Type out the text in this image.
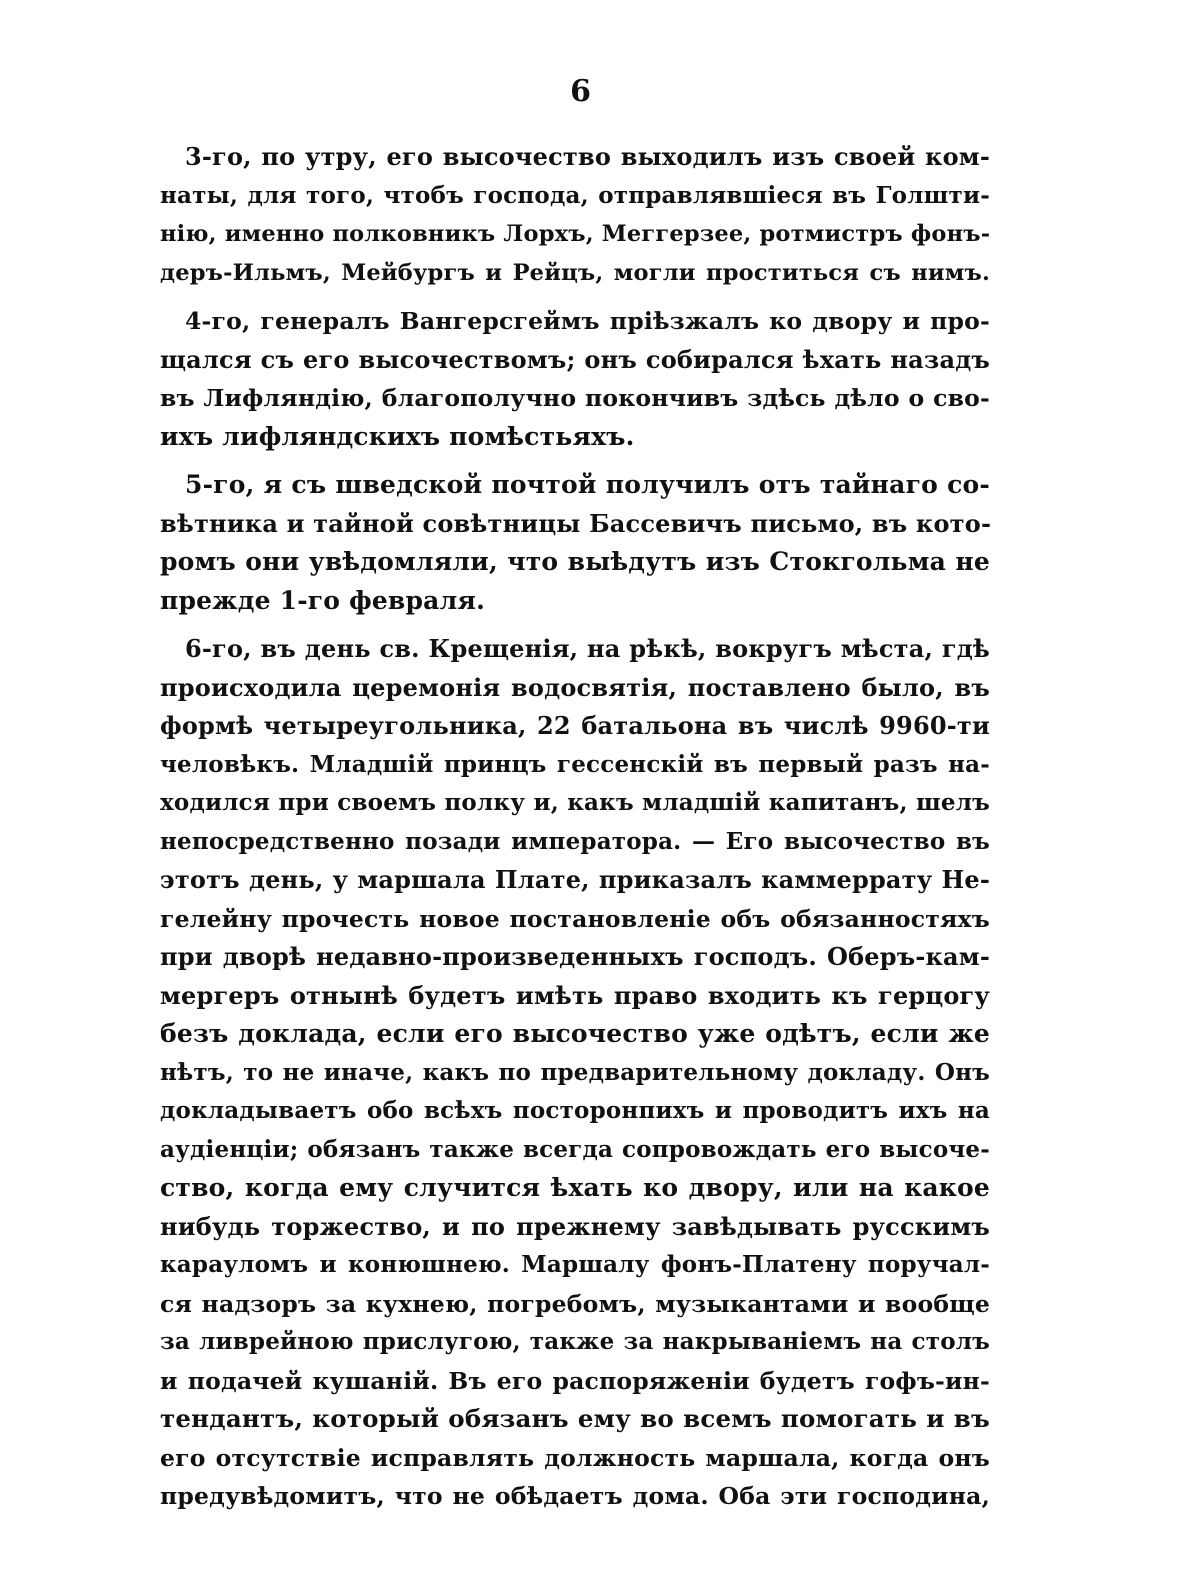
6
3-го, по утру, его высочество выходилъ изъ своей ком-
наты, для того, чтобъ господа, отправлявшіеся въ Голшти-
нію, именно полковникъ Лорхъ, Меггерзее, ротмистръ фонъ-
деръ-Ильмъ, Мейбургъ и Рейцъ, могли проститься съ нимъ.
4-го, генералъ Вангерсгеймъ пріѣзжалъ ко двору и про-
щался съ его высочествомъ; онъ собирался ѣхать назадъ
въ Лифляндію, благополучно покончивъ здѣсь дѣло о сво-
ихъ лифляндскихъ помѣстьяхъ.
5-го, я съ шведской почтой получилъ отъ тайнаго со-
вѣтника и тайной совѣтницы Бассевичъ письмо, въ кото-
ромъ они увѣдомляли, что выѣдутъ изъ Стокгольма не
прежде 1-го февраля.
6-го, въ день св. Крещенія, на рѣкѣ, вокругъ мѣста, гдѣ
происходила церемонія водосвятія, поставлено было, въ
формѣ четыреугольника, 22 батальона въ числѣ 9960-ти
человѣкъ. Младшій принцъ гессенскій въ первый разъ на-
ходился при своемъ полку и, какъ младшій капитанъ, шелъ
непосредственно позади императора. — Его высочество въ
этотъ день, у маршала Плате, приказалъ каммеррату Не-
гелейну прочесть новое постановленіе объ обязанностяхъ
при дворѣ недавно-произведенныхъ господъ. Оберъ-кам-
мергеръ отнынѣ будетъ имѣть право входить къ герцогу
безъ доклада, если его высочество уже одѣтъ, если же
нѣтъ, то не иначе, какъ по предварительному докладу. Онъ
докладываетъ обо всѣхъ посторонпихъ и проводитъ ихъ на
аудіенціи; обязанъ также всегда сопровождать его высоче-
ство, когда ему случится ѣхать ко двору, или на какое
нибудь торжество, и по прежнему завѣдывать русскимъ
карауломъ и конюшнею. Маршалу фонъ-Платену поручал-
ся надзоръ за кухнею, погребомъ, музыкантами и вообще
за ливрейною прислугою, также за накрываніемъ на столъ
и подачей кушаній. Въ его распоряженіи будетъ гофъ-ин-
тендантъ, который обязанъ ему во всемъ помогать и въ
его отсутствіе исправлять должность маршала, когда онъ
предувѣдомитъ, что не обѣдаетъ дома. Оба эти господина,
